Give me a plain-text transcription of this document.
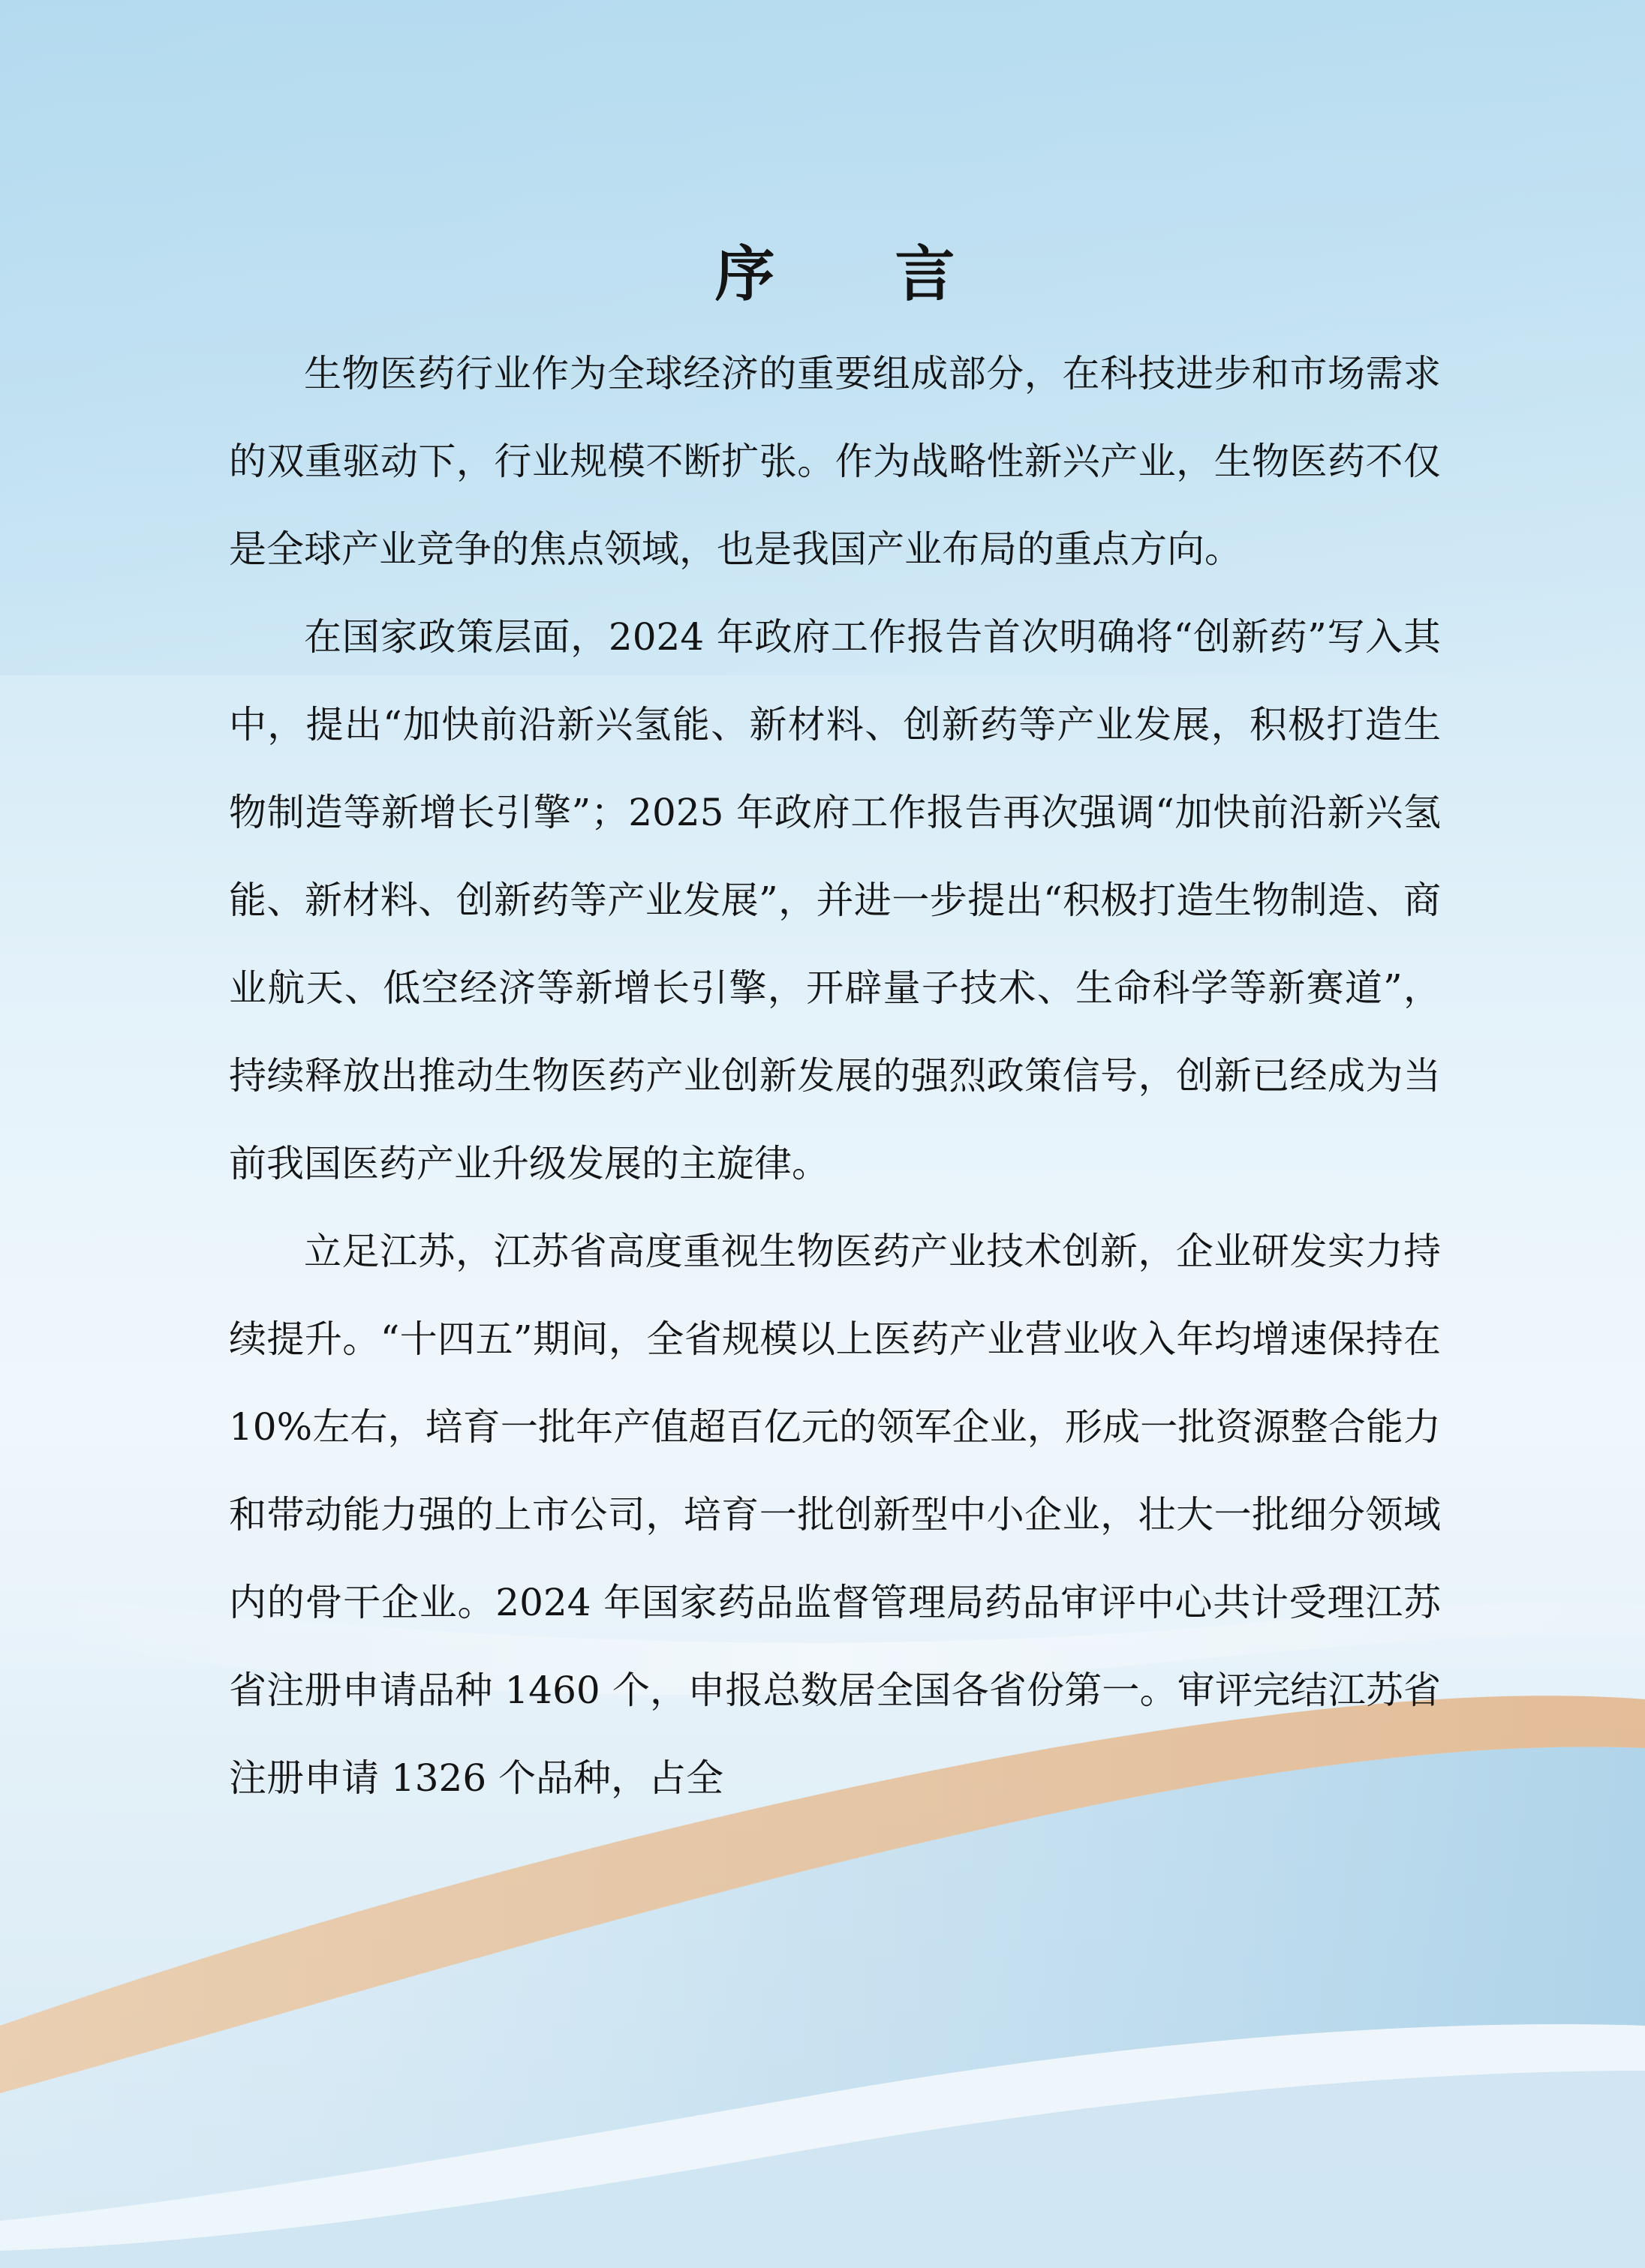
序　言

生物医药行业作为全球经济的重要组成部分，在科技进步和市场需求的双重驱动下，行业规模不断扩张。作为战略性新兴产业，生物医药不仅是全球产业竞争的焦点领域，也是我国产业布局的重点方向。

在国家政策层面，2024 年政府工作报告首次明确将“创新药”写入其中，提出“加快前沿新兴氢能、新材料、创新药等产业发展，积极打造生物制造等新增长引擎”；2025 年政府工作报告再次强调“加快前沿新兴氢能、新材料、创新药等产业发展”，并进一步提出“积极打造生物制造、商业航天、低空经济等新增长引擎，开辟量子技术、生命科学等新赛道”，持续释放出推动生物医药产业创新发展的强烈政策信号，创新已经成为当前我国医药产业升级发展的主旋律。

立足江苏，江苏省高度重视生物医药产业技术创新，企业研发实力持续提升。“十四五”期间，全省规模以上医药产业营业收入年均增速保持在 10%左右，培育一批年产值超百亿元的领军企业，形成一批资源整合能力和带动能力强的上市公司，培育一批创新型中小企业，壮大一批细分领域内的骨干企业。2024 年国家药品监督管理局药品审评中心共计受理江苏省注册申请品种 1460 个，申报总数居全国各省份第一。审评完结江苏省注册申请 1326 个品种，占全
